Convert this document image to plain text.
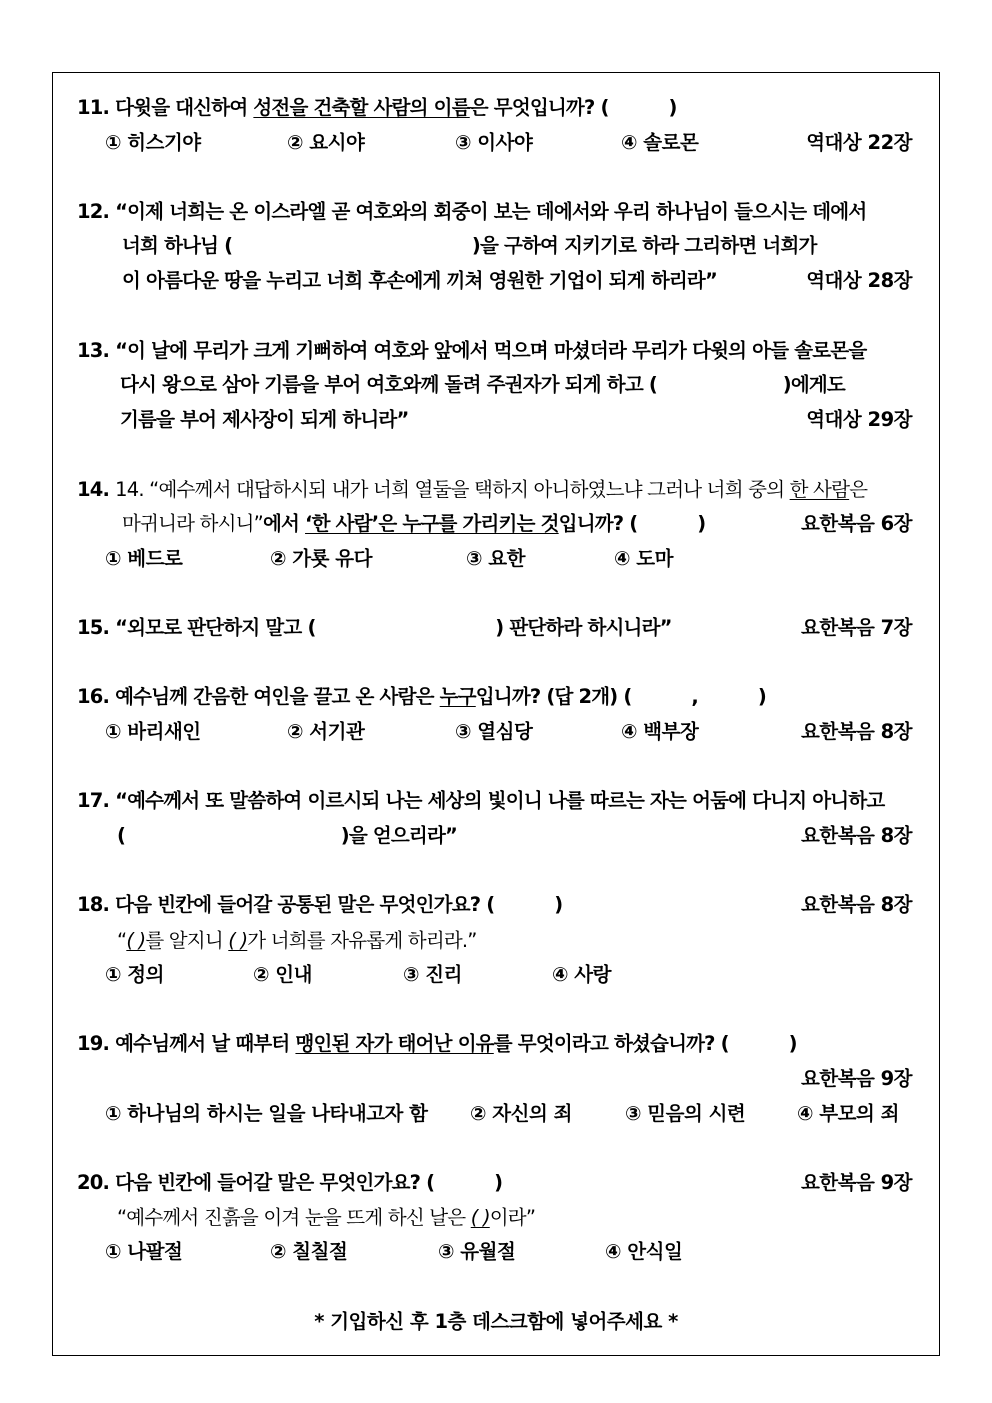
11. 다윗을 대신하여 성전을 건축할 사람의 이름은 무엇입니까? (          )
① 히스기야	② 요시야	③ 이사야	④ 솔로몬	역대상 22장
12. “이제 너희는 온 이스라엘 곧 여호와의 회중이 보는 데에서와 우리 하나님이 들으시는 데에서
너희 하나님 (                                        )을 구하여 지키기로 하라 그리하면 너희가
이 아름다운 땅을 누리고 너희 후손에게 끼쳐 영원한 기업이 되게 하리라”	역대상 28장
13. “이 날에 무리가 크게 기뻐하여 여호와 앞에서 먹으며 마셨더라 무리가 다윗의 아들 솔로몬을
다시 왕으로 삼아 기름을 부어 여호와께 돌려 주권자가 되게 하고 (                     )에게도
기름을 부어 제사장이 되게 하니라”	역대상 29장
14. 14. “예수께서 대답하시되 내가 너희 열둘을 택하지 아니하였느냐 그러나 너희 중의 한 사람은
마귀니라 하시니”에서 ‘한 사람’은 누구를 가리키는 것입니까? (          )	요한복음 6장
① 베드로	② 가룟 유다	③ 요한	④ 도마
15. “외모로 판단하지 말고 (                              ) 판단하라 하시니라”	요한복음 7장
16. 예수님께 간음한 여인을 끌고 온 사람은 누구입니까? (답 2개) (          ,          )
① 바리새인	② 서기관	③ 열심당	④ 백부장	요한복음 8장
17. “예수께서 또 말씀하여 이르시되 나는 세상의 빛이니 나를 따르는 자는 어둠에 다니지 아니하고
(                                    )을 얻으리라”	요한복음 8장
18. 다음 빈칸에 들어갈 공통된 말은 무엇인가요? (          )	요한복음 8장
“( )를 알지니 ( )가 너희를 자유롭게 하리라.”
① 정의	② 인내	③ 진리	④ 사랑
19. 예수님께서 날 때부터 맹인된 자가 태어난 이유를 무엇이라고 하셨습니까? (          )
요한복음 9장
① 하나님의 하시는 일을 나타내고자 함 ② 자신의 죄	③ 믿음의 시련	④ 부모의 죄
20. 다음 빈칸에 들어갈 말은 무엇인가요? (          )	요한복음 9장
“예수께서 진흙을 이겨 눈을 뜨게 하신 날은 ( )이라”
① 나팔절	② 칠칠절	③ 유월절	④ 안식일
* 기입하신 후 1층 데스크함에 넣어주세요 *
